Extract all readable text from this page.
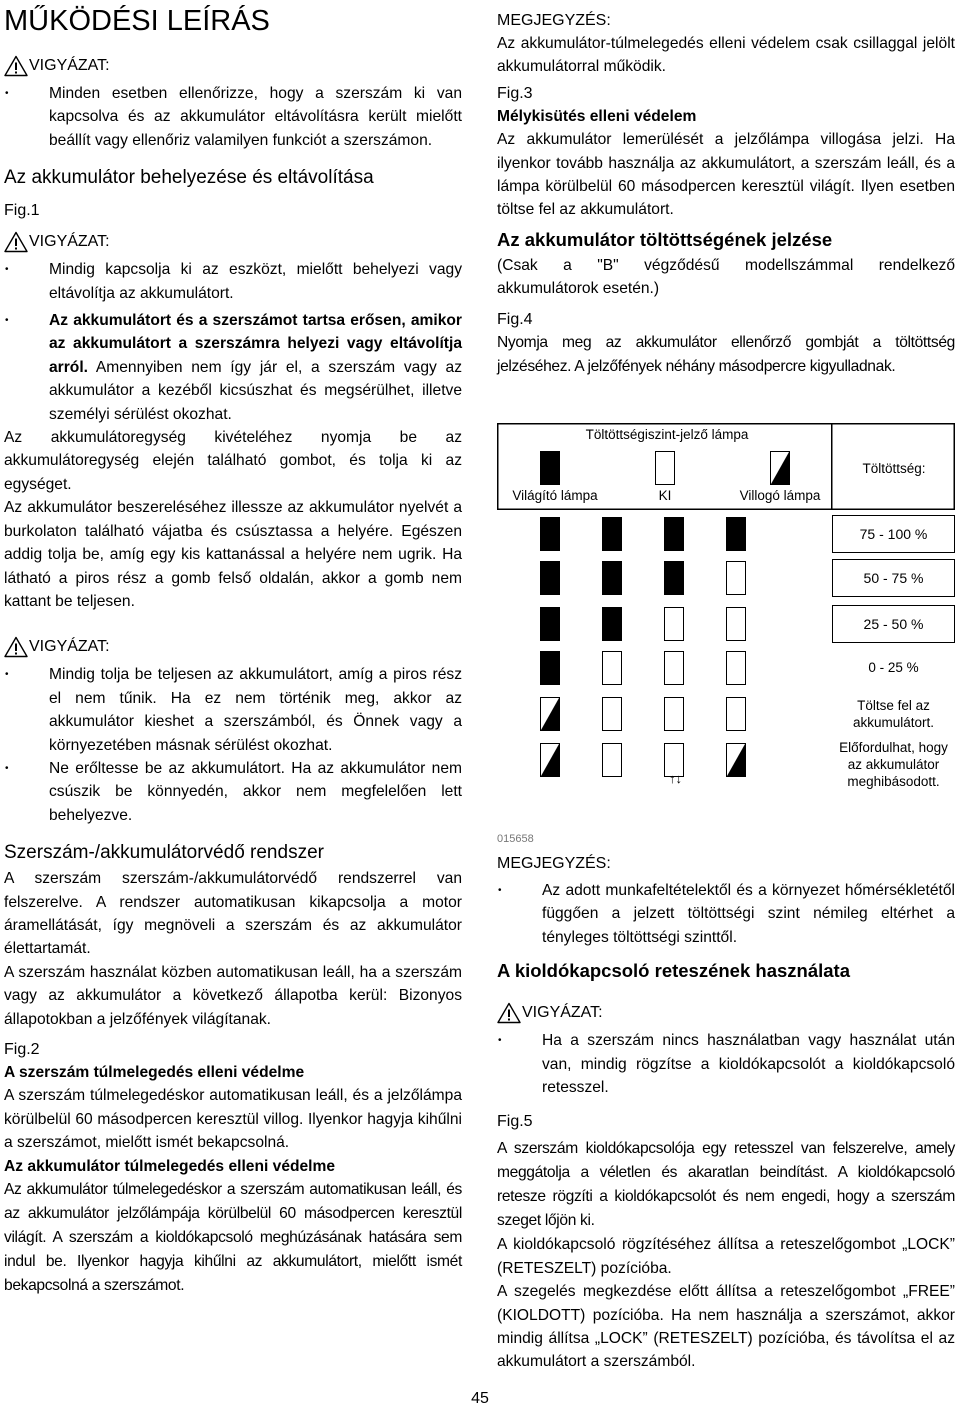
MŰKÖDÉSI LEÍRÁS

VIGYÁZAT:
• Minden esetben ellenőrizze, hogy a szerszám ki van kapcsolva és az akkumulátor eltávolításra került mielőtt beállít vagy ellenőriz valamilyen funkciót a szerszámon.

Az akkumulátor behelyezése és eltávolítása

Fig.1

VIGYÁZAT:
• Mindig kapcsolja ki az eszközt, mielőtt behelyezi vagy eltávolítja az akkumulátort.
• Az akkumulátort és a szerszámot tartsa erősen, amikor az akkumulátort a szerszámra helyezi vagy eltávolítja arról. Amennyiben nem így jár el, a szerszám vagy az akkumulátor a kezéből kicsúszhat és megsérülhet, illetve személyi sérülést okozhat.

Az akkumulátoregység kivételéhez nyomja be az akkumulátoregység elején található gombot, és tolja ki az egységet.

Az akkumulátor beszereléséhez illessze az akkumulátor nyelvét a burkolaton található vájatba és csúsztassa a helyére. Egészen addig tolja be, amíg egy kis kattanással a helyére nem ugrik. Ha látható a piros rész a gomb felső oldalán, akkor a gomb nem kattant be teljesen.

VIGYÁZAT:
• Mindig tolja be teljesen az akkumulátort, amíg a piros rész el nem tűnik. Ha ez nem történik meg, akkor az akkumulátor kieshet a szerszámból, és Önnek vagy a környezetében másnak sérülést okozhat.
• Ne erőltesse be az akkumulátort. Ha az akkumulátor nem csúszik be könnyedén, akkor nem megfelelően lett behelyezve.

Szerszám-/akkumulátorvédő rendszer

A szerszám szerszám-/akkumulátorvédő rendszerrel van felszerelve. A rendszer automatikusan kikapcsolja a motor áramellátását, így megnöveli a szerszám és az akkumulátor élettartamát.

A szerszám használat közben automatikusan leáll, ha a szerszám vagy az akkumulátor a következő állapotba kerül: Bizonyos állapotokban a jelzőfények világítanak.

Fig.2

A szerszám túlmelegedés elleni védelme

A szerszám túlmelegedéskor automatikusan leáll, és a jelzőlámpa körülbelül 60 másodpercen keresztül villog. Ilyenkor hagyja kihűlni a szerszámot, mielőtt ismét bekapcsolná.

Az akkumulátor túlmelegedés elleni védelme

Az akkumulátor túlmelegedéskor a szerszám automatikusan leáll, és az akkumulátor jelzőlámpája körülbelül 60 másodpercen keresztül világít. A szerszám a kioldókapcsoló meghúzásának hatására sem indul be. Ilyenkor hagyja kihűlni az akkumulátort, mielőtt ismét bekapcsolná a szerszámot.

MEGJEGYZÉS:

Az akkumulátor-túlmelegedés elleni védelem csak csillaggal jelölt akkumulátorral működik.

Fig.3

Mélykisütés elleni védelem

Az akkumulátor lemerülését a jelzőlámpa villogása jelzi. Ha ilyenkor tovább használja az akkumulátort, a szerszám leáll, és a lámpa körülbelül 60 másodpercen keresztül világít. Ilyen esetben töltse fel az akkumulátort.

Az akkumulátor töltöttségének jelzése

(Csak a "B" végződésű modellszámmal rendelkező akkumulátorok esetén.)

Fig.4

Nyomja meg az akkumulátor ellenőrző gombját a töltöttség jelzéséhez. A jelzőfények néhány másodpercre kigyulladnak.

Töltöttségiszint-jelző lámpa
Világító lámpa	KI	Villogó lámpa
Töltöttség:
75 - 100 %
50 - 75 %
25 - 50 %
0 - 25 %
Töltse fel az akkumulátort.
Előfordulhat, hogy az akkumulátor meghibásodott.
↑↓
015658

MEGJEGYZÉS:

• Az adott munkafeltételektől és a környezet hőmérsékletétől függően a jelzett töltöttségi szint némileg eltérhet a tényleges töltöttségi szinttől.

A kioldókapcsoló reteszének használata

VIGYÁZAT:
• Ha a szerszám nincs használatban vagy használat után van, mindig rögzítse a kioldókapcsolót a kioldókapcsoló retesszel.

Fig.5

A szerszám kioldókapcsolója egy retesszel van felszerelve, amely meggátolja a véletlen és akaratlan beindítást. A kioldókapcsoló retesze rögzíti a kioldókapcsolót és nem engedi, hogy a szerszám szeget lőjön ki.

A kioldókapcsoló rögzítéséhez állítsa a reteszelőgombot „LOCK” (RETESZELT) pozícióba.

A szegelés megkezdése előtt állítsa a reteszelőgombot „FREE” (KIOLDOTT) pozícióba. Ha nem használja a szerszámot, akkor mindig állítsa „LOCK” (RETESZELT) pozícióba, és távolítsa el az akkumulátort a szerszámból.

45
